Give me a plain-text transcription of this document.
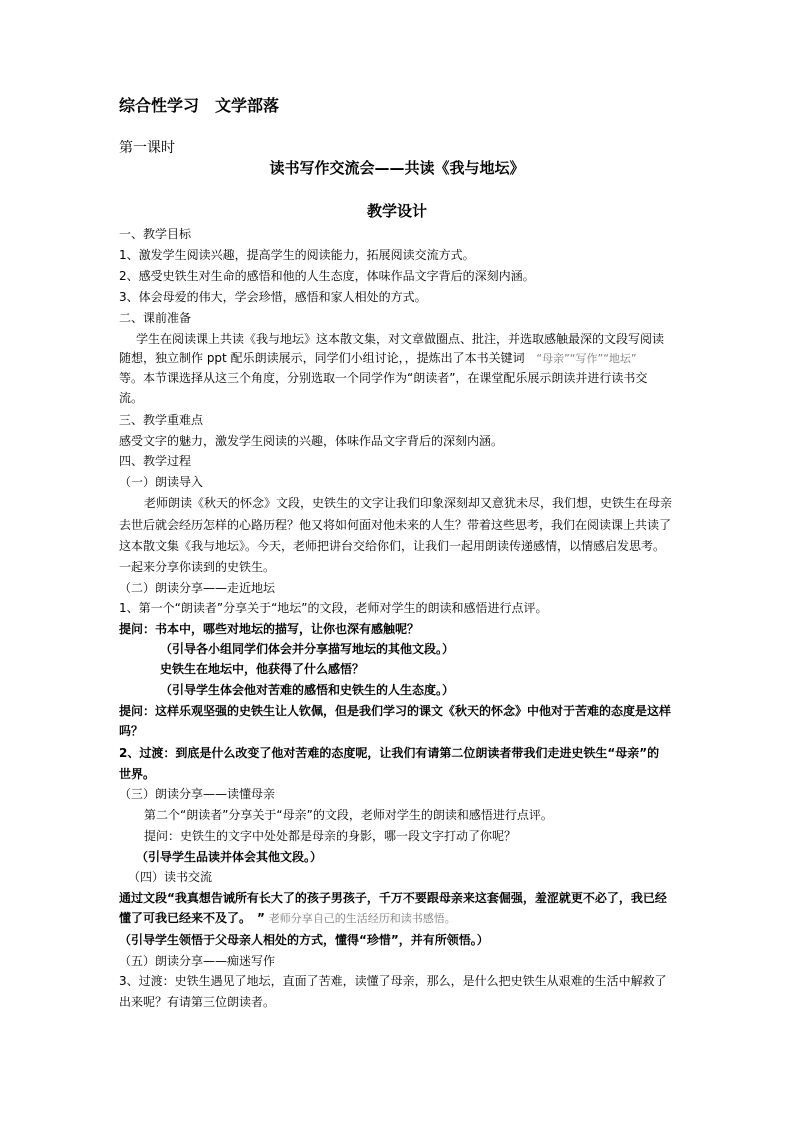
综合性学习　文学部落
第一课时
读书写作交流会——共读《我与地坛》
教学设计
一、教学目标
1、激发学生阅读兴趣，提高学生的阅读能力，拓展阅读交流方式。
2、感受史铁生对生命的感悟和他的人生态度，体味作品文字背后的深刻内涵。
3、体会母爱的伟大，学会珍惜，感悟和家人相处的方式。
二、课前准备
学生在阅读课上共读《我与地坛》这本散文集，对文章做圈点、批注，并选取感触最深的文段写阅读
随想，独立制作 ppt 配乐朗读展示，同学们小组讨论，，提炼出了本书关键词 “母亲”“写作”“地坛”
等。本节课选择从这三个角度，分别选取一个同学作为“朗读者”，在课堂配乐展示朗读并进行读书交
流。
三、教学重难点
感受文字的魅力，激发学生阅读的兴趣，体味作品文字背后的深刻内涵。
四、教学过程
（一）朗读导入
老师朗读《秋天的怀念》文段，史铁生的文字让我们印象深刻却又意犹未尽，我们想，史铁生在母亲
去世后就会经历怎样的心路历程？他又将如何面对他未来的人生？带着这些思考，我们在阅读课上共读了
这本散文集《我与地坛》。今天，老师把讲台交给你们，让我们一起用朗读传递感情，以情感启发思考。
一起来分享你读到的史铁生。
（二）朗读分享——走近地坛
1、第一个“朗读者”分享关于“地坛”的文段，老师对学生的朗读和感悟进行点评。
提问：书本中，哪些对地坛的描写，让你也深有感触呢？
（引导各小组同学们体会并分享描写地坛的其他文段。）
史铁生在地坛中，他获得了什么感悟？
（引导学生体会他对苦难的感悟和史铁生的人生态度。）
提问：这样乐观坚强的史铁生让人钦佩，但是我们学习的课文《秋天的怀念》中他对于苦难的态度是这样
吗？
2、过渡：到底是什么改变了他对苦难的态度呢，让我们有请第二位朗读者带我们走进史铁生“母亲”的
世界。
（三）朗读分享——读懂母亲
第二个“朗读者”分享关于“母亲”的文段，老师对学生的朗读和感悟进行点评。
提问：史铁生的文字中处处都是母亲的身影，哪一段文字打动了你呢？
（引导学生品读并体会其他文段。）
（四）读书交流
通过文段“我真想告诫所有长大了的孩子男孩子，千万不要跟母亲来这套倔强，羞涩就更不必了，我已经
懂了可我已经来不及了。　” 老师分享自己的生活经历和读书感悟。
（引导学生领悟于父母亲人相处的方式，懂得“珍惜”，并有所领悟。）
（五）朗读分享——痴迷写作
3、过渡：史铁生遇见了地坛，直面了苦难，读懂了母亲，那么，是什么把史铁生从艰难的生活中解救了
出来呢？有请第三位朗读者。
